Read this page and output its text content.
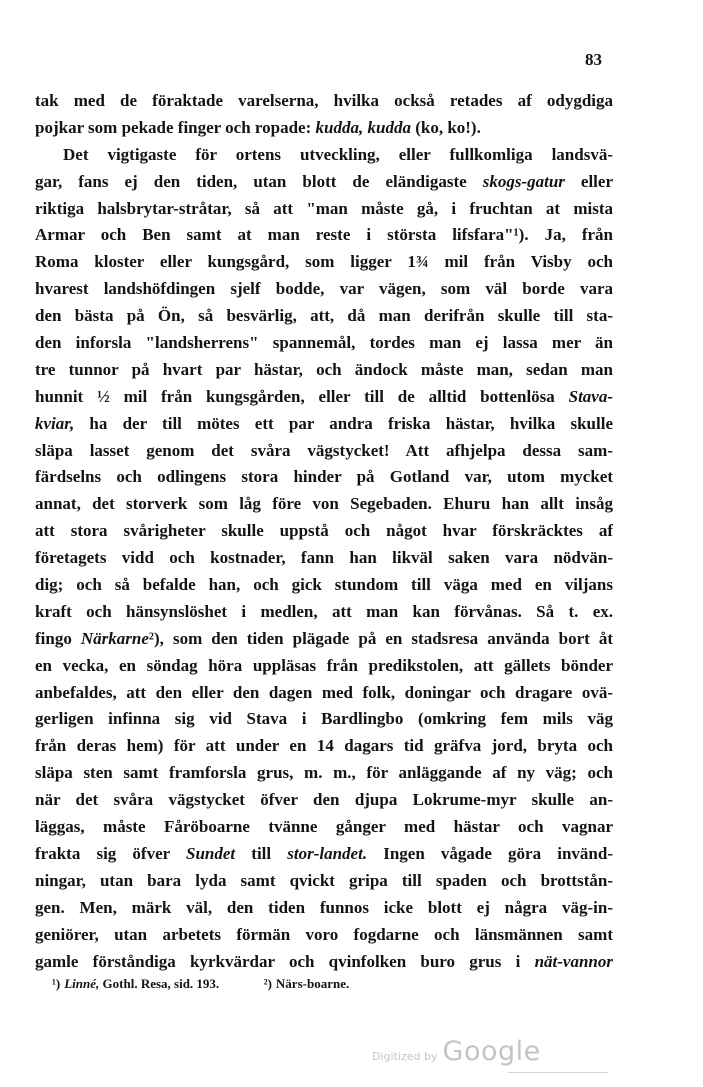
83
tak med de föraktade varelserna, hvilka också retades af odygdiga
pojkar som pekade finger och ropade: kudda, kudda (ko, ko!).
Det vigtigaste för ortens utveckling, eller fullkomliga landsvä-
gar, fans ej den tiden, utan blott de eländigaste skogs-gatur eller
riktiga halsbrytar-stråtar, så att "man måste gå, i fruchtan at mista
Armar och Ben samt at man reste i största lifsfara"¹). Ja, från
Roma kloster eller kungsgård, som ligger 1¾ mil från Visby och
hvarest landshöfdingen sjelf bodde, var vägen, som väl borde vara
den bästa på Ön, så besvärlig, att, då man derifrån skulle till sta-
den inforsla "landsherrens" spannemål, tordes man ej lassa mer än
tre tunnor på hvart par hästar, och ändock måste man, sedan man
hunnit ½ mil från kungsgården, eller till de alltid bottenlösa Stava-
kviar, ha der till mötes ett par andra friska hästar, hvilka skulle
släpa lasset genom det svåra vägstycket! Att afhjelpa dessa sam-
färdselns och odlingens stora hinder på Gotland var, utom mycket
annat, det storverk som låg före von Segebaden. Ehuru han allt insåg
att stora svårigheter skulle uppstå och något hvar förskräcktes af
företagets vidd och kostnader, fann han likväl saken vara nödvän-
dig; och så befalde han, och gick stundom till väga med en viljans
kraft och hänsynslöshet i medlen, att man kan förvånas. Så t. ex.
fingo Närkarne²), som den tiden plägade på en stadsresa använda bort åt
en vecka, en söndag höra uppläsas från predikstolen, att gällets bönder
anbefaldes, att den eller den dagen med folk, doningar och dragare ovä-
gerligen infinna sig vid Stava i Bardlingbo (omkring fem mils väg
från deras hem) för att under en 14 dagars tid gräfva jord, bryta och
släpa sten samt framforsla grus, m. m., för anläggande af ny väg; och
när det svåra vägstycket öfver den djupa Lokrume-myr skulle an-
läggas, måste Fåröboarne tvänne gånger med hästar och vagnar
frakta sig öfver Sundet till stor-landet. Ingen vågade göra invänd-
ningar, utan bara lyda samt qvickt gripa till spaden och brottstån-
gen. Men, märk väl, den tiden funnos icke blott ej några väg-in-
geniörer, utan arbetets förmän voro fogdarne och länsmännen samt
gamle förståndiga kyrkvärdar och qvinfolken buro grus i nät-vannor
¹) Linné, Gothl. Resa, sid. 193.	²) Närs-boarne.
Digitized by Google
